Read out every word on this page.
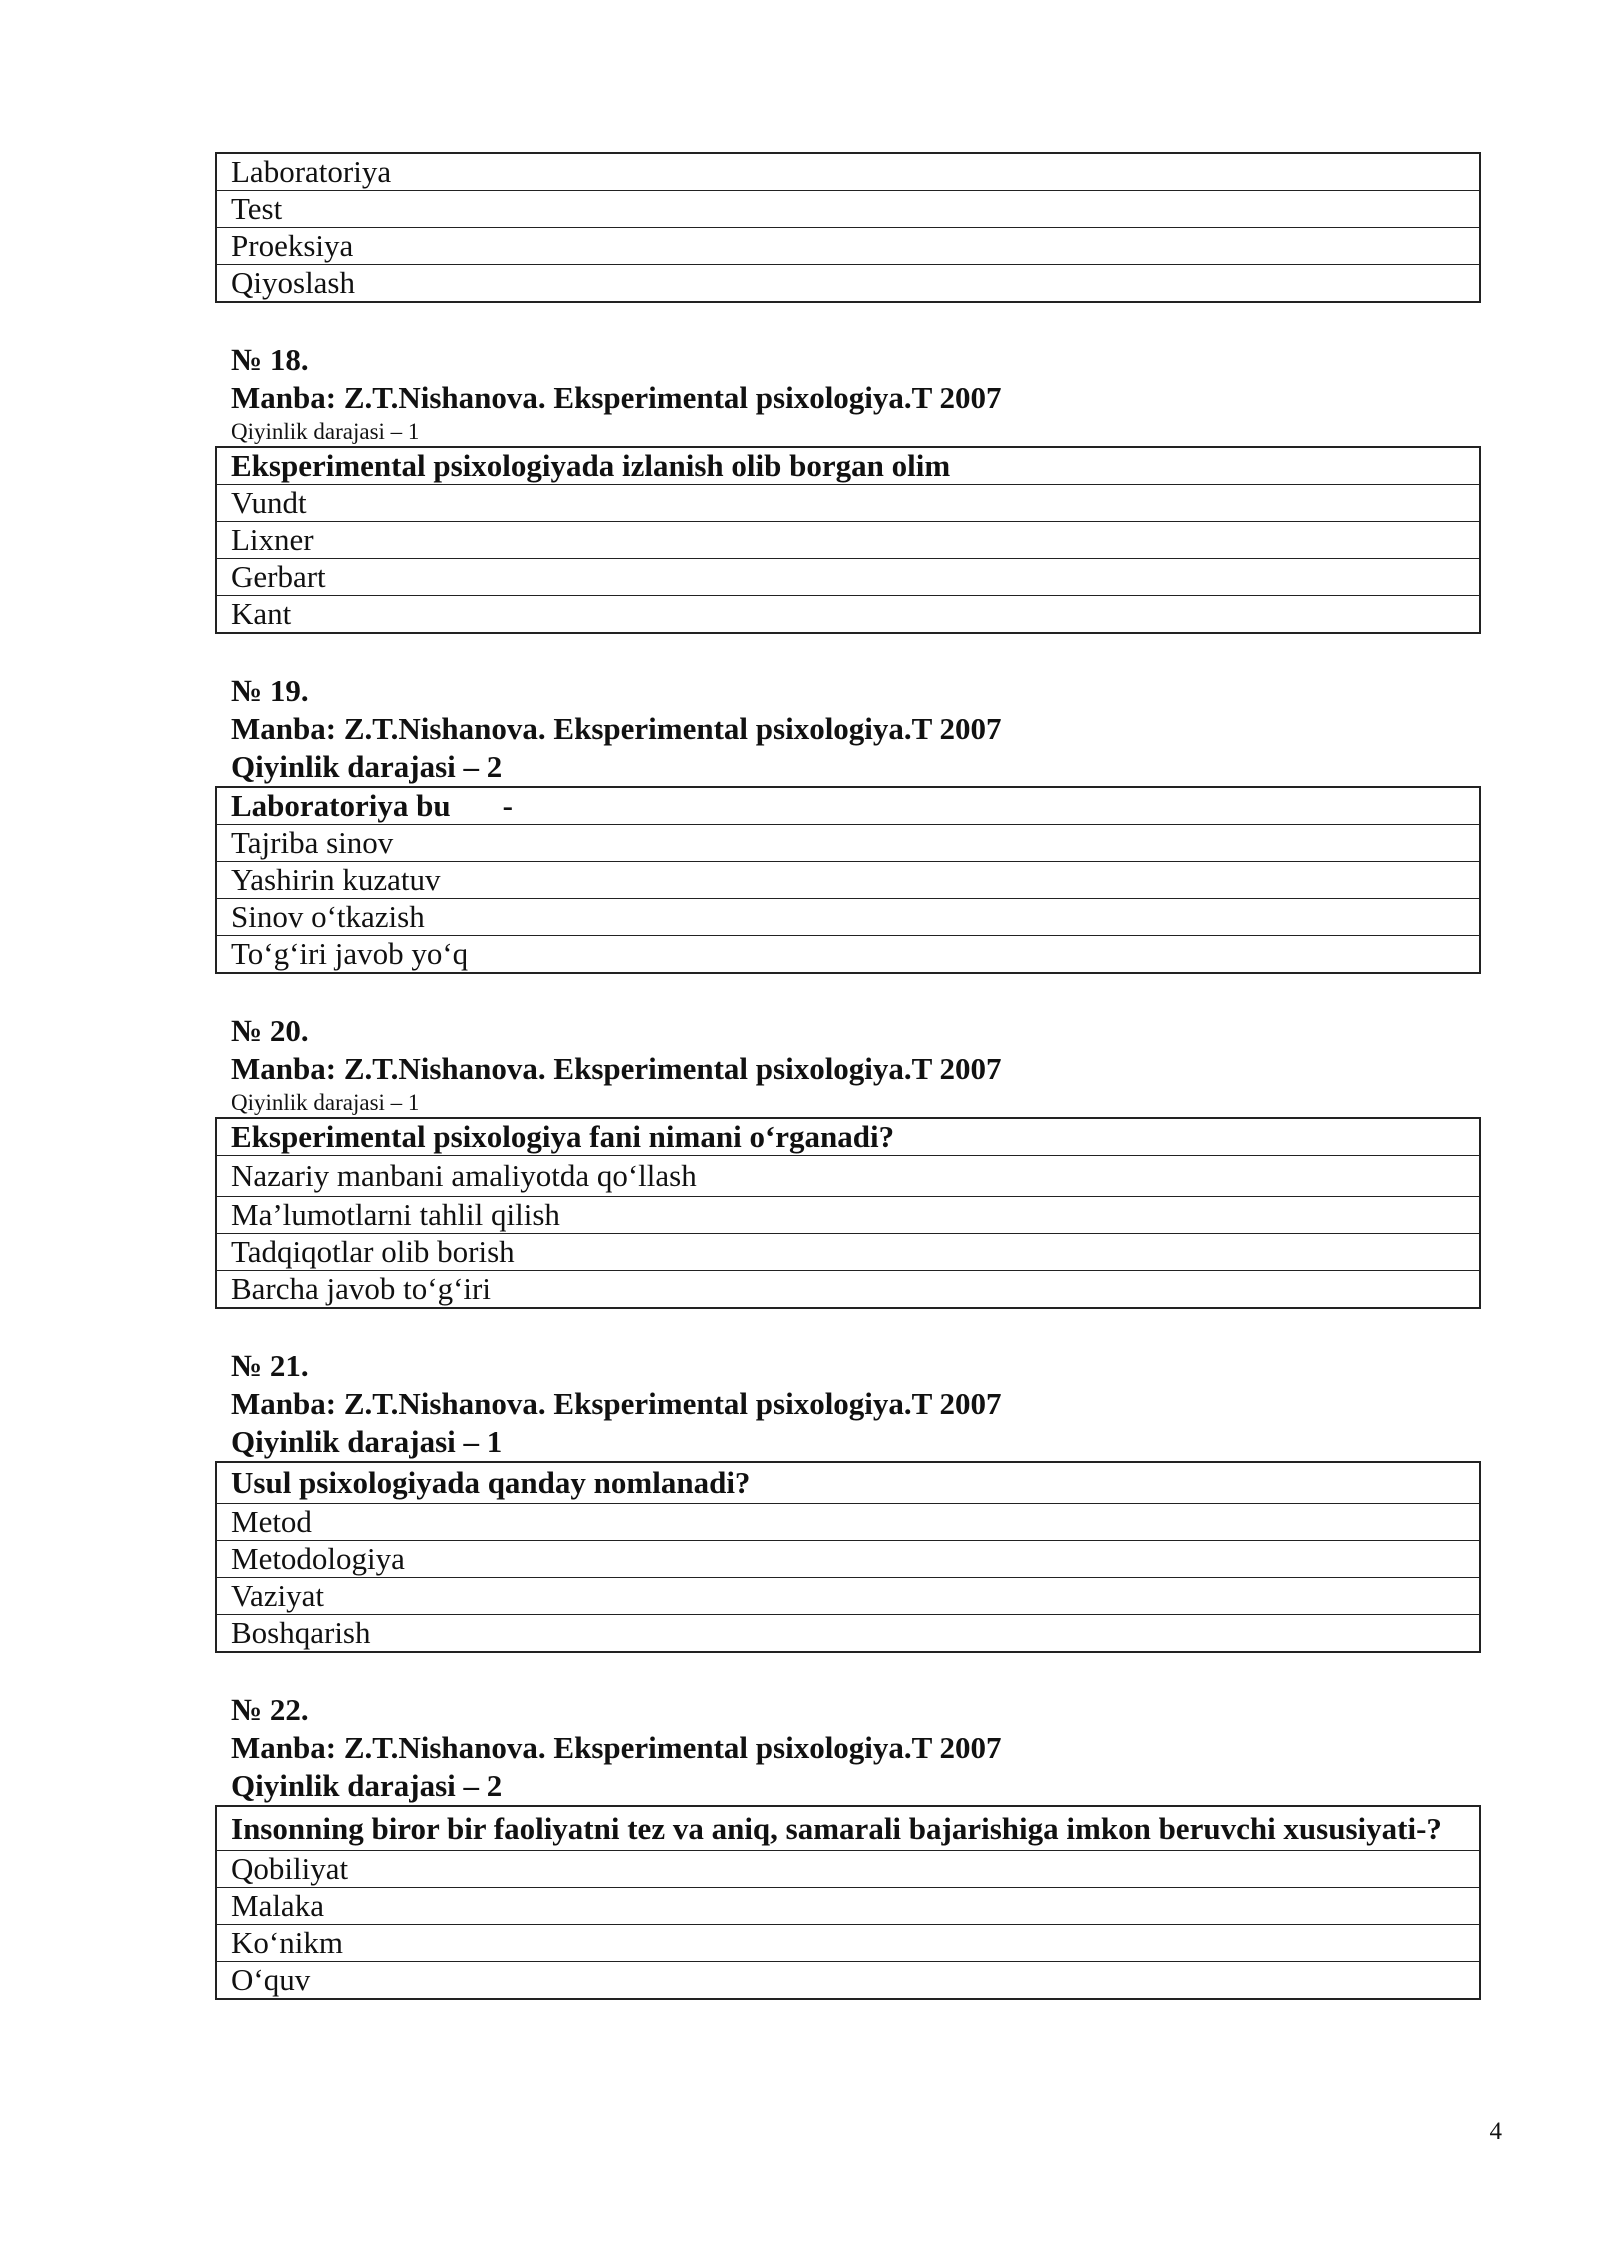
Laboratoriya
Test
Proeksiya
Qiyoslash
№ 18.
Manba: Z.T.Nishanova. Eksperimental psixologiya.T 2007
Qiyinlik darajasi – 1
Eksperimental psixologiyada izlanish olib borgan olim
Vundt
Lixner
Gerbart
Kant
№ 19.
Manba: Z.T.Nishanova. Eksperimental psixologiya.T 2007
Qiyinlik darajasi – 2
Laboratoriya bu -
Tajriba sinov
Yashirin kuzatuv
Sinov o‘tkazish
To‘g‘iri javob yo‘q
№ 20.
Manba: Z.T.Nishanova. Eksperimental psixologiya.T 2007
Qiyinlik darajasi – 1
Eksperimental psixologiya fani nimani o‘rganadi?
Nazariy manbani amaliyotda qo‘llash
Ma’lumotlarni tahlil qilish
Tadqiqotlar olib borish
Barcha javob to‘g‘iri
№ 21.
Manba: Z.T.Nishanova. Eksperimental psixologiya.T 2007
Qiyinlik darajasi – 1
Usul psixologiyada qanday nomlanadi?
Metod
Metodologiya
Vaziyat
Boshqarish
№ 22.
Manba: Z.T.Nishanova. Eksperimental psixologiya.T 2007
Qiyinlik darajasi – 2
Insonning biror bir faoliyatni tez va aniq, samarali bajarishiga imkon beruvchi xususiyati-?
Qobiliyat
Malaka
Ko‘nikm
O‘quv
4
